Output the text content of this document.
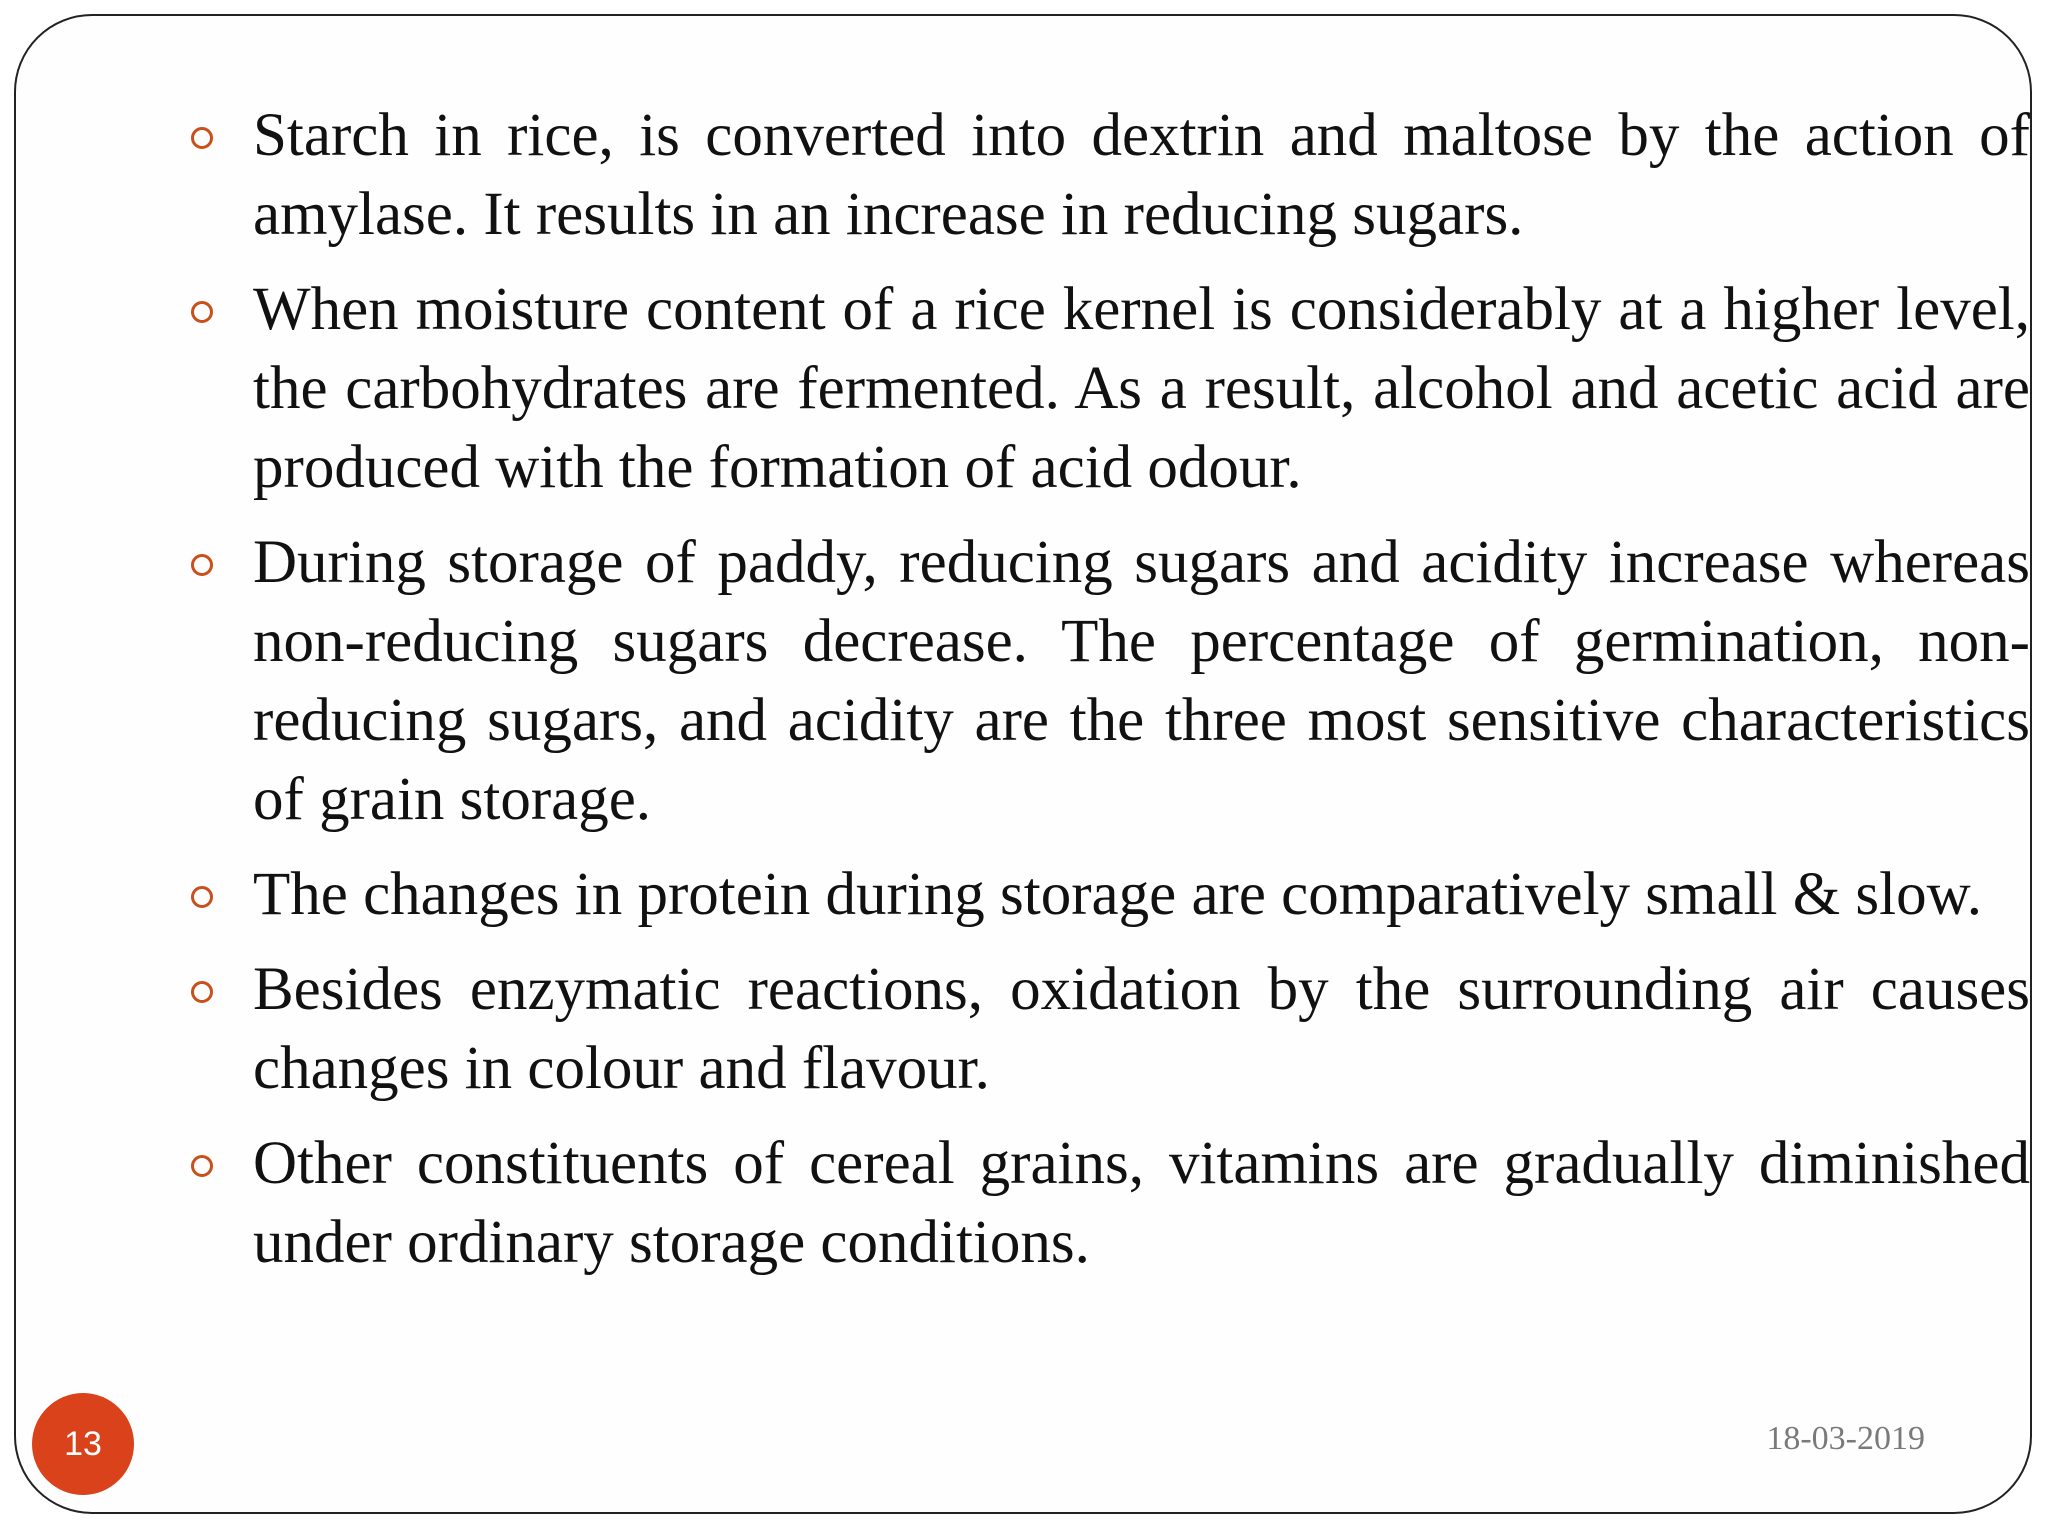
Starch in rice, is converted into dextrin and maltose by the action of amylase. It results in an increase in reducing sugars.
When moisture content of a rice kernel is considerably at a higher level, the carbohydrates are fermented. As a result, alcohol and acetic acid are produced with the formation of acid odour.
During storage of paddy, reducing sugars and acidity increase whereas non-reducing sugars decrease. The percentage of germination, non-reducing sugars, and acidity are the three most sensitive characteristics of grain storage.
The changes in protein during storage are comparatively small & slow.
Besides enzymatic reactions, oxidation by the surrounding air causes changes in colour and flavour.
Other constituents of cereal grains, vitamins are gradually diminished under ordinary storage conditions.
13	18-03-2019
